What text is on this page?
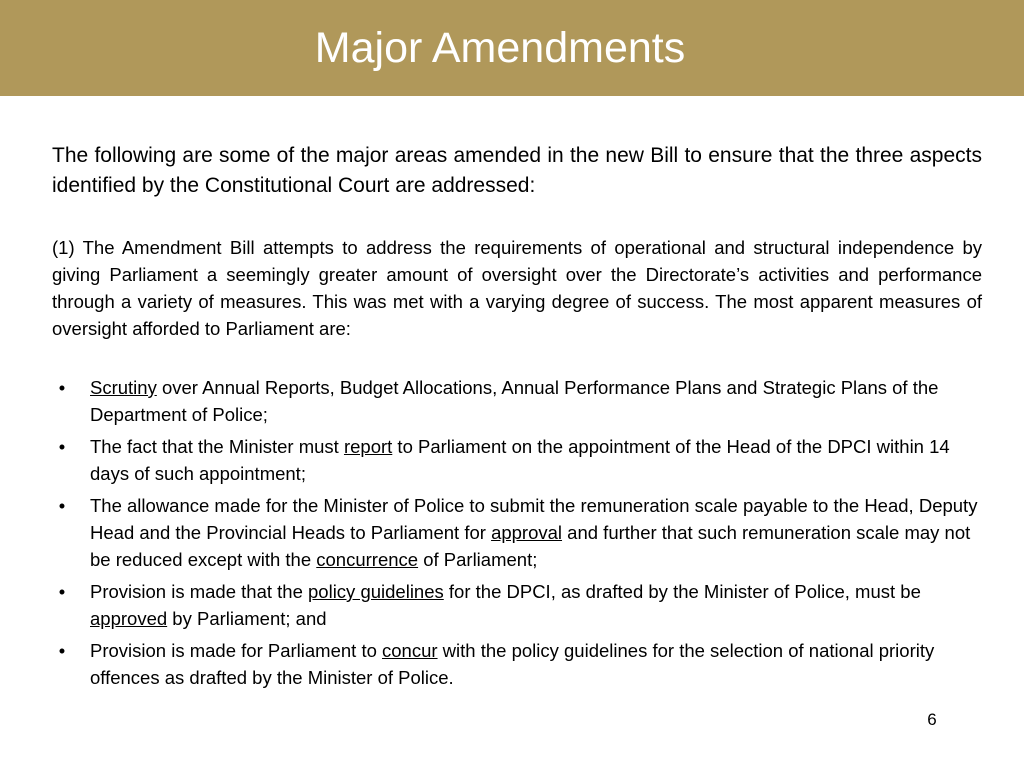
Major Amendments

The following are some of the major areas amended in the new Bill to ensure that the three aspects identified by the Constitutional Court are addressed:

(1) The Amendment Bill attempts to address the requirements of operational and structural independence by giving Parliament a seemingly greater amount of oversight over the Directorate’s activities and performance through a variety of measures. This was met with a varying degree of success. The most apparent measures of oversight afforded to Parliament are:

•	Scrutiny over Annual Reports, Budget Allocations, Annual Performance Plans and Strategic Plans of the Department of Police;
•	The fact that the Minister must report to Parliament on the appointment of the Head of the DPCI within 14 days of such appointment;
•	The allowance made for the Minister of Police to submit the remuneration scale payable to the Head, Deputy Head and the Provincial Heads to Parliament for approval and further that such remuneration scale may not be reduced except with the concurrence of Parliament;
•	Provision is made that the policy guidelines for the DPCI, as drafted by the Minister of Police, must be approved by Parliament; and
•	Provision is made for Parliament to concur with the policy guidelines for the selection of national priority offences as drafted by the Minister of Police.
6
